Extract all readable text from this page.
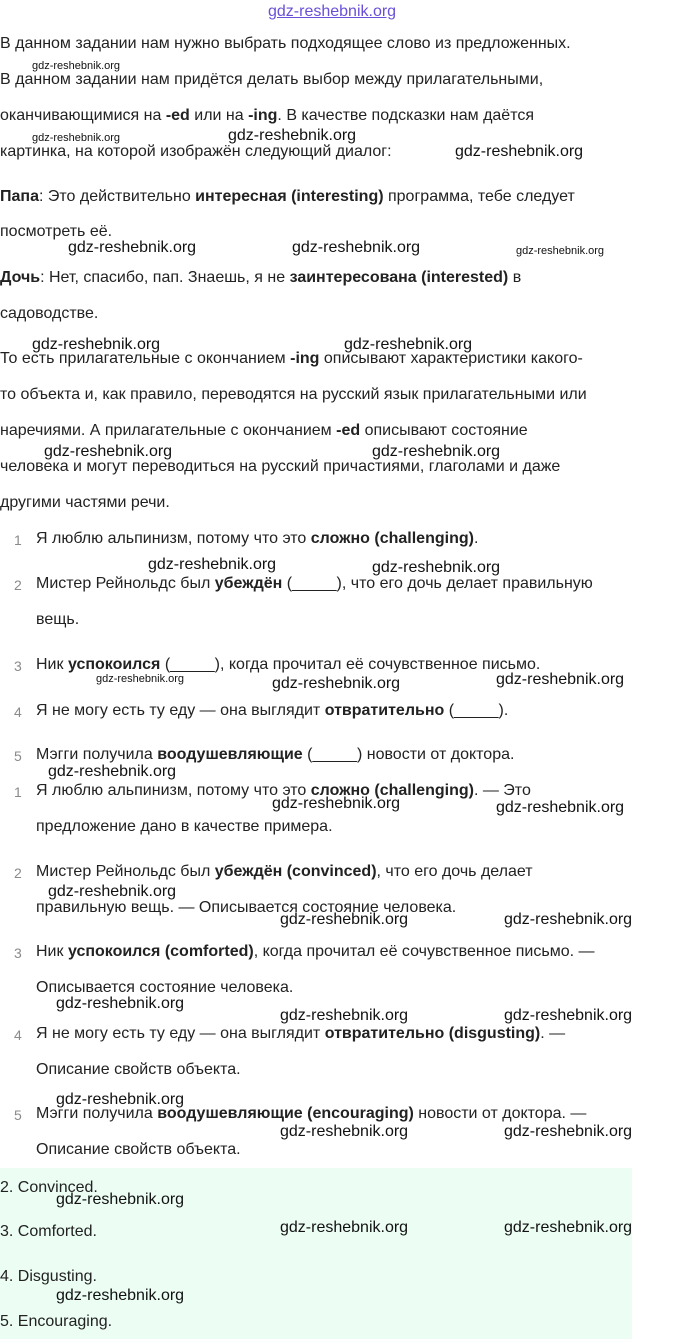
gdz-reshebnik.org
В данном задании нам нужно выбрать подходящее слово из предложенных.
В данном задании нам придётся делать выбор между прилагательными,
оканчивающимися на -ed или на -ing. В качестве подсказки нам даётся
картинка, на которой изображён следующий диалог:
Папа: Это действительно интересная (interesting) программа, тебе следует
посмотреть её.
Дочь: Нет, спасибо, пап. Знаешь, я не заинтересована (interested) в
садоводстве.
То есть прилагательные с окончанием -ing описывают характеристики какого-
то объекта и, как правило, переводятся на русский язык прилагательными или
наречиями. А прилагательные с окончанием -ed описывают состояние
человека и могут переводиться на русский причастиями, глаголами и даже
другими частями речи.
1 Я люблю альпинизм, потому что это сложно (challenging).
2 Мистер Рейнольдс был убеждён (_____), что его дочь делает правильную
вещь.
3 Ник успокоился (_____), когда прочитал её сочувственное письмо.
4 Я не могу есть ту еду — она выглядит отвратительно (_____).
5 Мэгги получила воодушевляющие (_____) новости от доктора.
1 Я люблю альпинизм, потому что это сложно (challenging). — Это
предложение дано в качестве примера.
2 Мистер Рейнольдс был убеждён (convinced), что его дочь делает
правильную вещь. — Описывается состояние человека.
3 Ник успокоился (comforted), когда прочитал её сочувственное письмо. —
Описывается состояние человека.
4 Я не могу есть ту еду — она выглядит отвратительно (disgusting). —
Описание свойств объекта.
5 Мэгги получила воодушевляющие (encouraging) новости от доктора. —
Описание свойств объекта.
2. Convinced.
3. Comforted.
4. Disgusting.
5. Encouraging.
gdz-reshebnik.org
gdz-reshebnik.org	gdz-reshebnik.org
gdz-reshebnik.org
gdz-reshebnik.org	gdz-reshebnik.org	gdz-reshebnik.org
gdz-reshebnik.org	gdz-reshebnik.org
gdz-reshebnik.org	gdz-reshebnik.org
gdz-reshebnik.org	gdz-reshebnik.org
gdz-reshebnik.org	gdz-reshebnik.org	gdz-reshebnik.org
gdz-reshebnik.org
gdz-reshebnik.org	gdz-reshebnik.org
gdz-reshebnik.org
gdz-reshebnik.org	gdz-reshebnik.org
gdz-reshebnik.org
gdz-reshebnik.org	gdz-reshebnik.org
gdz-reshebnik.org
gdz-reshebnik.org	gdz-reshebnik.org
gdz-reshebnik.org
gdz-reshebnik.org	gdz-reshebnik.org
gdz-reshebnik.org
